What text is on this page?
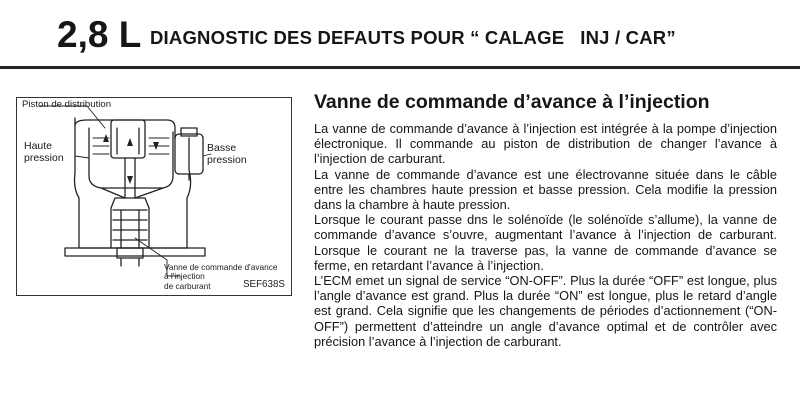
2,8 L DIAGNOSTIC DES DEFAUTS POUR “ CALAGE   INJ / CAR”
Piston de distribution
Haute
pression
Basse
pression
Vanne de commande d'avance
à l'injection
de carburant	SEF638S
Vanne de commande d’avance à l’injection

La vanne de commande d’avance à l’injection est intégrée à la pompe d’injection électronique. Il commande au piston de distribution de changer l’avance à l’injection de carburant.

La vanne de commande d’avance est une électrovanne située dans le câble entre les chambres haute pression et basse pression. Cela modifie la pression dans la chambre à haute pression.

Lorsque le courant passe dns le solénoïde (le solénoïde s’allume), la vanne de commande d’avance s’ouvre, augmentant l’avance à l’injection de carburant. Lorsque le courant ne la traverse pas, la vanne de commande d’avance se ferme, en retardant l’avance à l’injection.

L’ECM emet un signal de service “ON-OFF”. Plus la durée “OFF” est longue, plus l’angle d’avance est grand. Plus la durée “ON” est longue, plus le retard d’angle est grand. Cela signifie que les changements de périodes d’actionnement (“ON-OFF”) permettent d’atteindre un angle d’avance optimal et de contrôler avec précision l’avance à l’injection de carburant.
